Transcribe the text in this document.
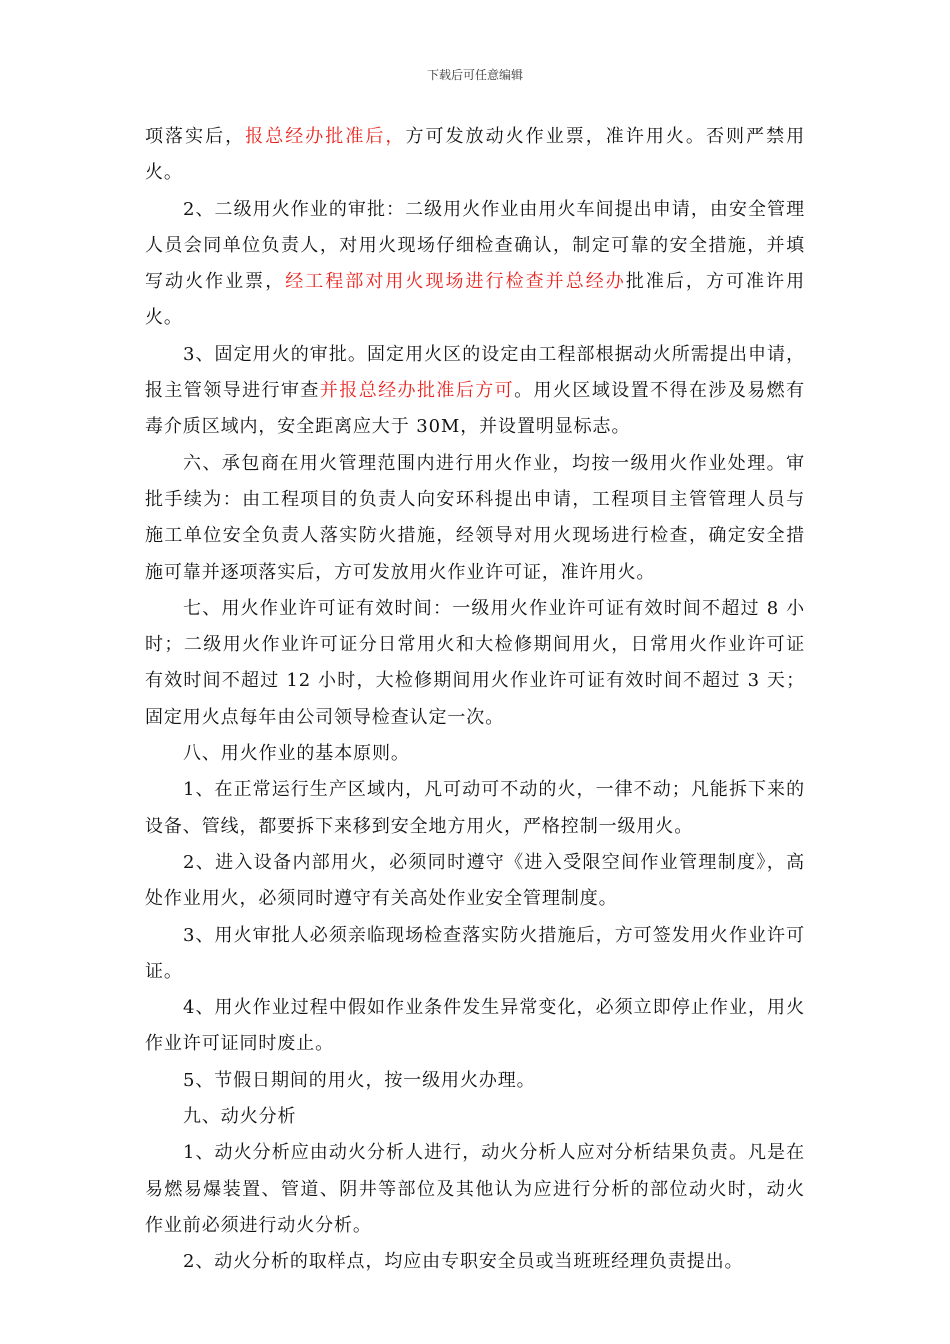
下载后可任意编辑

项落实后，报总经办批准后，方可发放动火作业票，准许用火。否则严禁用火。

2、二级用火作业的审批：二级用火作业由用火车间提出申请，由安全管理人员会同单位负责人，对用火现场仔细检查确认，制定可靠的安全措施，并填写动火作业票，经工程部对用火现场进行检查并总经办批准后，方可准许用火。

3、固定用火的审批。固定用火区的设定由工程部根据动火所需提出申请，报主管领导进行审查并报总经办批准后方可。用火区域设置不得在涉及易燃有毒介质区域内，安全距离应大于 30M，并设置明显标志。

六、承包商在用火管理范围内进行用火作业，均按一级用火作业处理。审批手续为：由工程项目的负责人向安环科提出申请，工程项目主管管理人员与施工单位安全负责人落实防火措施，经领导对用火现场进行检查，确定安全措施可靠并逐项落实后，方可发放用火作业许可证，准许用火。

七、用火作业许可证有效时间：一级用火作业许可证有效时间不超过 8 小时；二级用火作业许可证分日常用火和大检修期间用火，日常用火作业许可证有效时间不超过 12 小时，大检修期间用火作业许可证有效时间不超过 3 天；固定用火点每年由公司领导检查认定一次。

八、用火作业的基本原则。

1、在正常运行生产区域内，凡可动可不动的火，一律不动；凡能拆下来的设备、管线，都要拆下来移到安全地方用火，严格控制一级用火。

2、进入设备内部用火，必须同时遵守《进入受限空间作业管理制度》，高处作业用火，必须同时遵守有关高处作业安全管理制度。

3、用火审批人必须亲临现场检查落实防火措施后，方可签发用火作业许可证。

4、用火作业过程中假如作业条件发生异常变化，必须立即停止作业，用火作业许可证同时废止。

5、节假日期间的用火，按一级用火办理。

九、动火分析

1、动火分析应由动火分析人进行，动火分析人应对分析结果负责。凡是在易燃易爆装置、管道、阴井等部位及其他认为应进行分析的部位动火时，动火作业前必须进行动火分析。

2、动火分析的取样点，均应由专职安全员或当班班经理负责提出。
